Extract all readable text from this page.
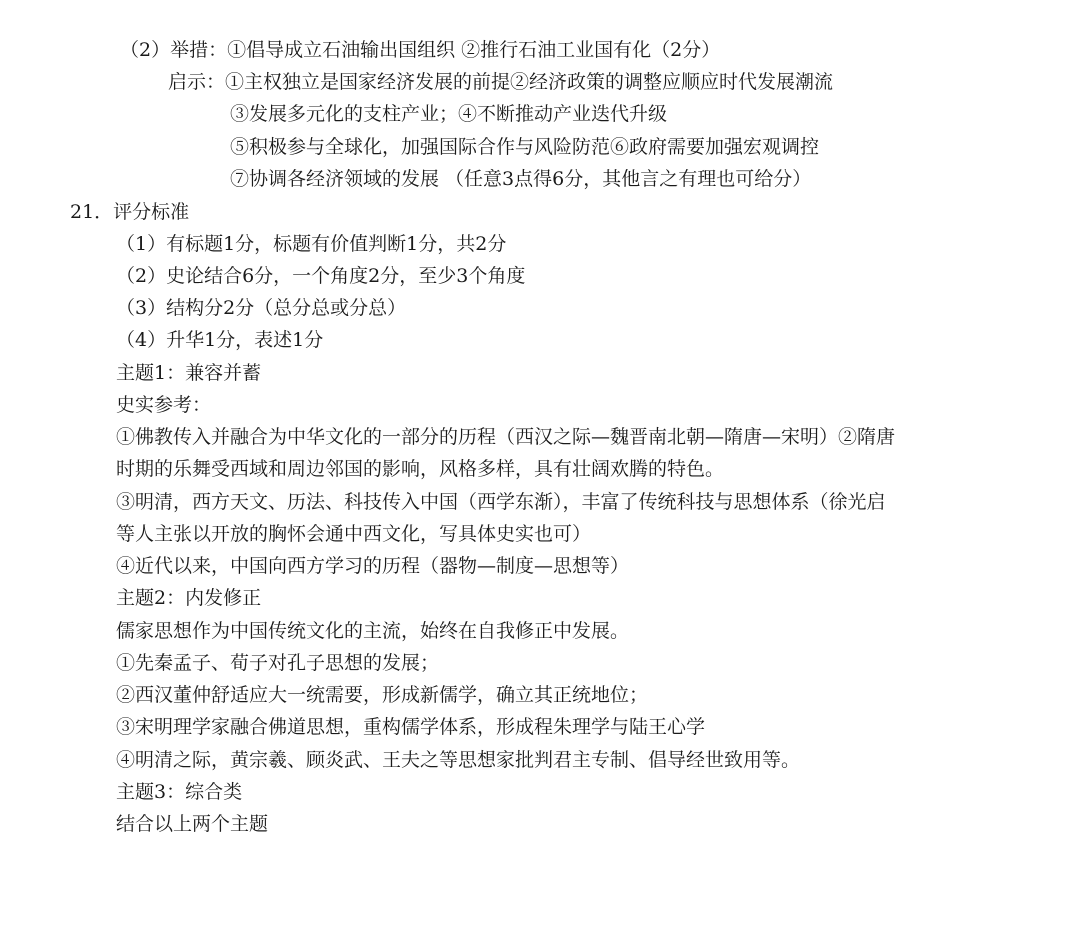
（2）举措：①倡导成立石油输出国组织 ②推行石油工业国有化（2分）
启示：①主权独立是国家经济发展的前提②经济政策的调整应顺应时代发展潮流
③发展多元化的支柱产业；④不断推动产业迭代升级
⑤积极参与全球化，加强国际合作与风险防范⑥政府需要加强宏观调控
⑦协调各经济领域的发展 （任意3点得6分，其他言之有理也可给分）
21．评分标准
（1）有标题1分，标题有价值判断1分，共2分
（2）史论结合6分，一个角度2分，至少3个角度
（3）结构分2分（总分总或分总）
（4）升华1分，表述1分
主题1：兼容并蓄
史实参考：
①佛教传入并融合为中华文化的一部分的历程（西汉之际—魏晋南北朝—隋唐—宋明）②隋唐
时期的乐舞受西域和周边邻国的影响，风格多样，具有壮阔欢腾的特色。
③明清，西方天文、历法、科技传入中国（西学东渐），丰富了传统科技与思想体系（徐光启
等人主张以开放的胸怀会通中西文化，写具体史实也可）
④近代以来，中国向西方学习的历程（器物—制度—思想等）
主题2：内发修正
儒家思想作为中国传统文化的主流，始终在自我修正中发展。
①先秦孟子、荀子对孔子思想的发展；
②西汉董仲舒适应大一统需要，形成新儒学，确立其正统地位；
③宋明理学家融合佛道思想，重构儒学体系，形成程朱理学与陆王心学
④明清之际，黄宗羲、顾炎武、王夫之等思想家批判君主专制、倡导经世致用等。
主题3：综合类
结合以上两个主题
